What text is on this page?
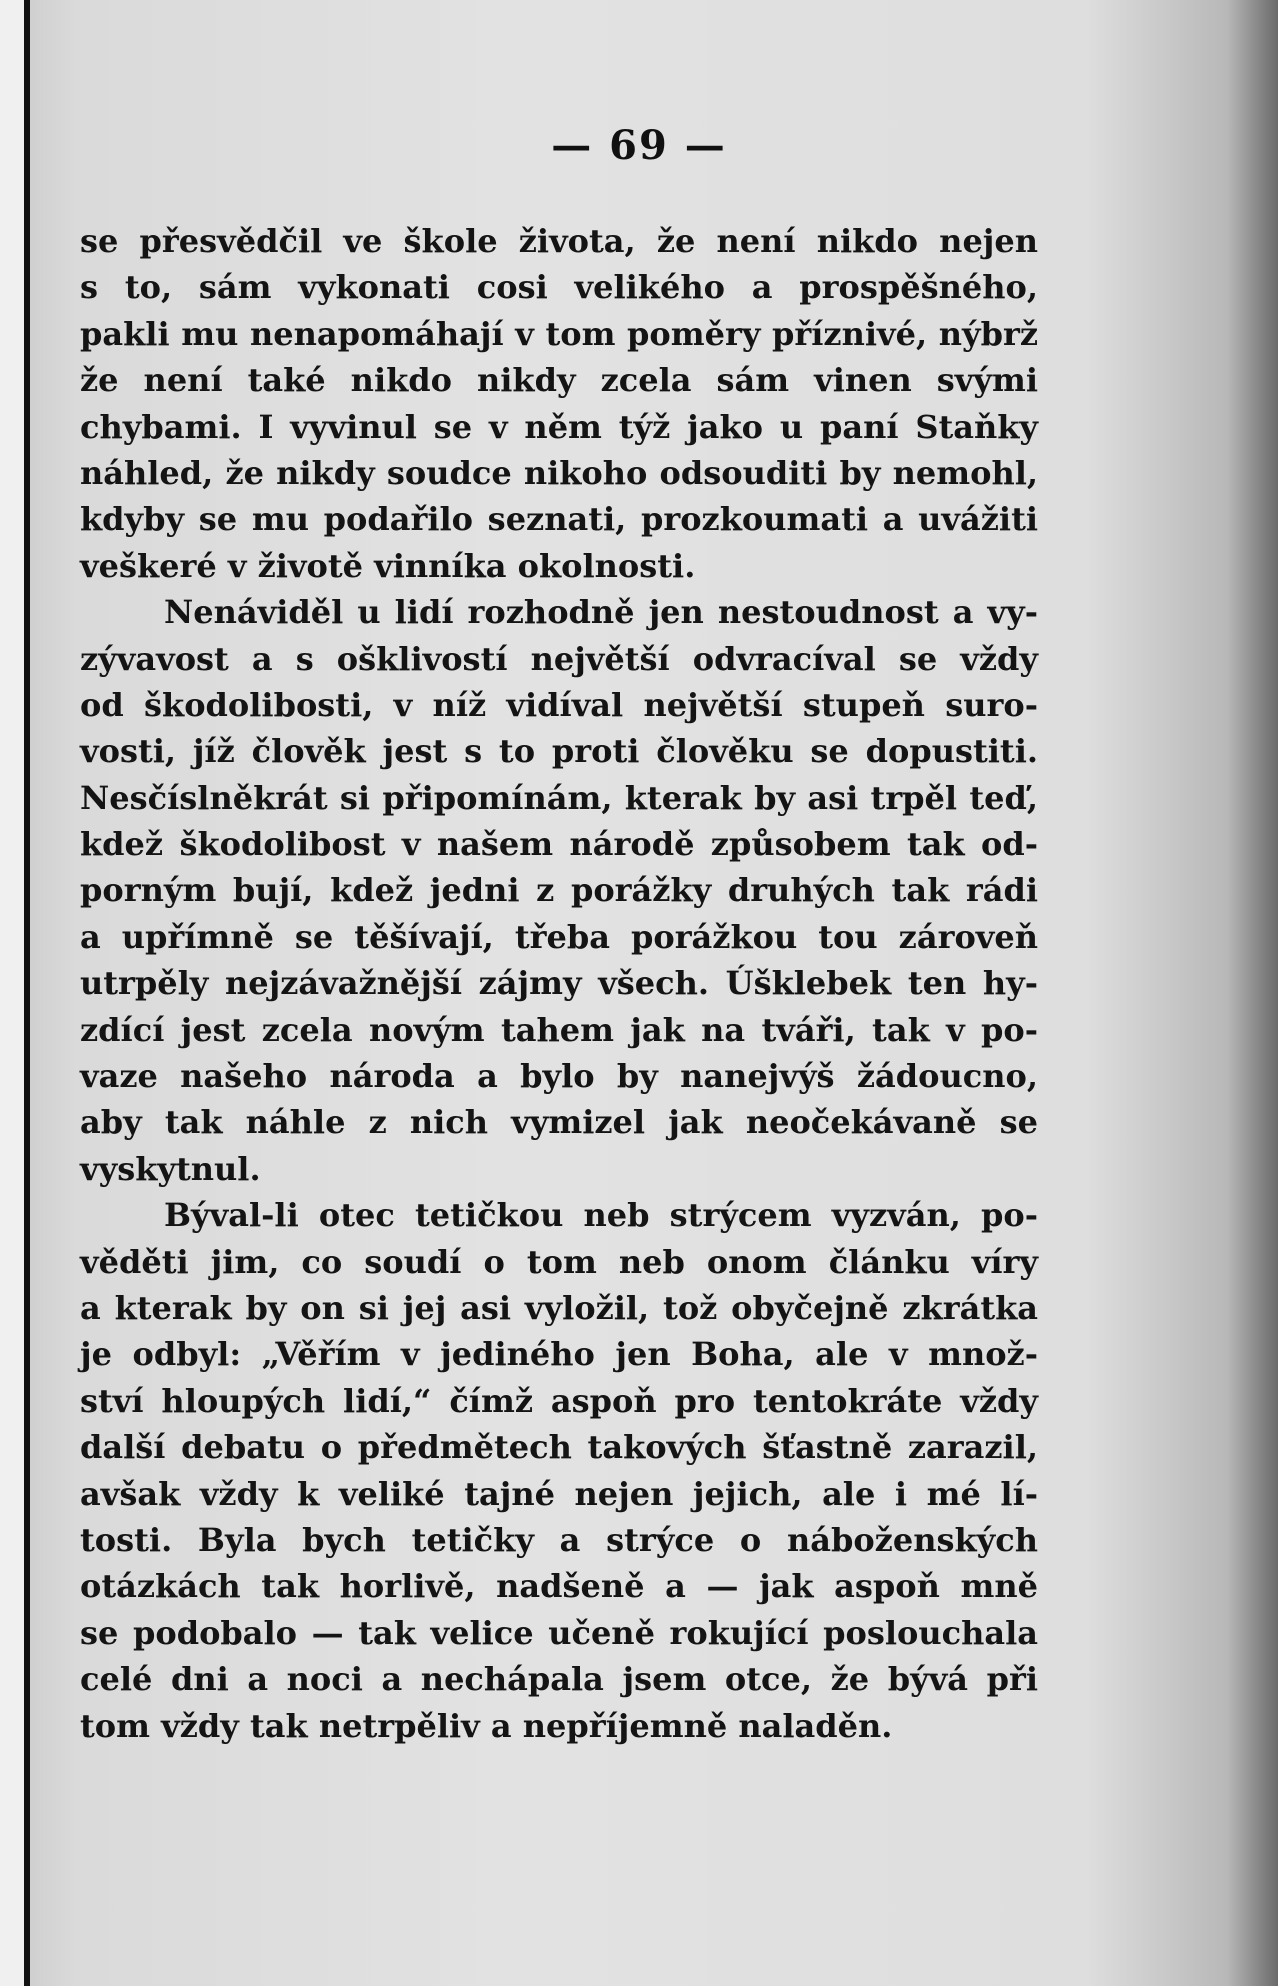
— 69 —
se přesvědčil ve škole života, že není nikdo nejen
s to, sám vykonati cosi velikého a prospěšného,
pakli mu nenapomáhají v tom poměry příznivé, nýbrž
že není také nikdo nikdy zcela sám vinen svými
chybami. I vyvinul se v něm týž jako u paní Staňky
náhled, že nikdy soudce nikoho odsouditi by nemohl,
kdyby se mu podařilo seznati, prozkoumati a uvážiti
veškeré v životě vinníka okolnosti.
Nenáviděl u lidí rozhodně jen nestoudnost a vy-
zývavost a s ošklivostí největší odvracíval se vždy
od škodolibosti, v níž vidíval největší stupeň suro-
vosti, jíž člověk jest s to proti člověku se dopustiti.
Nesčíslněkrát si připomínám, kterak by asi trpěl teď,
kdež škodolibost v našem národě způsobem tak od-
porným bují, kdež jedni z porážky druhých tak rádi
a upřímně se těšívají, třeba porážkou tou zároveň
utrpěly nejzávažnější zájmy všech. Úšklebek ten hy-
zdící jest zcela novým tahem jak na tváři, tak v po-
vaze našeho národa a bylo by nanejvýš žádoucno,
aby tak náhle z nich vymizel jak neočekávaně se
vyskytnul.
Býval-li otec tetičkou neb strýcem vyzván, po-
věděti jim, co soudí o tom neb onom článku víry
a kterak by on si jej asi vyložil, tož obyčejně zkrátka
je odbyl: „Věřím v jediného jen Boha, ale v množ-
ství hloupých lidí,“ čímž aspoň pro tentokráte vždy
další debatu o předmětech takových šťastně zarazil,
avšak vždy k veliké tajné nejen jejich, ale i mé lí-
tosti. Byla bych tetičky a strýce o náboženských
otázkách tak horlivě, nadšeně a — jak aspoň mně
se podobalo — tak velice učeně rokující poslouchala
celé dni a noci a nechápala jsem otce, že bývá při
tom vždy tak netrpěliv a nepříjemně naladěn.
